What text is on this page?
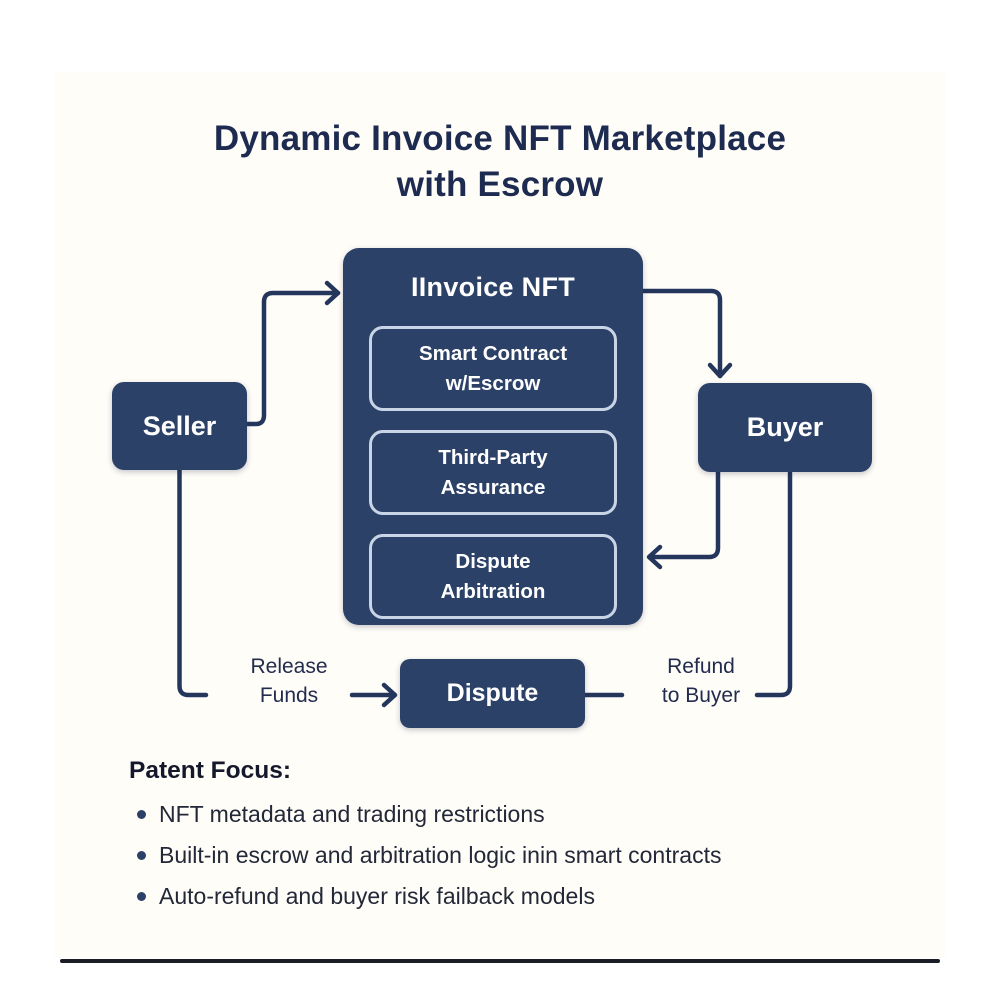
Dynamic Invoice NFT Marketplace
with Escrow
Seller	Buyer
IInvoice NFT
Smart Contract
w/Escrow
Third-Party
Assurance
Dispute
Arbitration
Release
Funds	Dispute
Refund
to Buyer
Patent Focus:
NFT metadata and trading restrictions
Built-in escrow and arbitration logic inin smart contracts
Auto-refund and buyer risk failback models
